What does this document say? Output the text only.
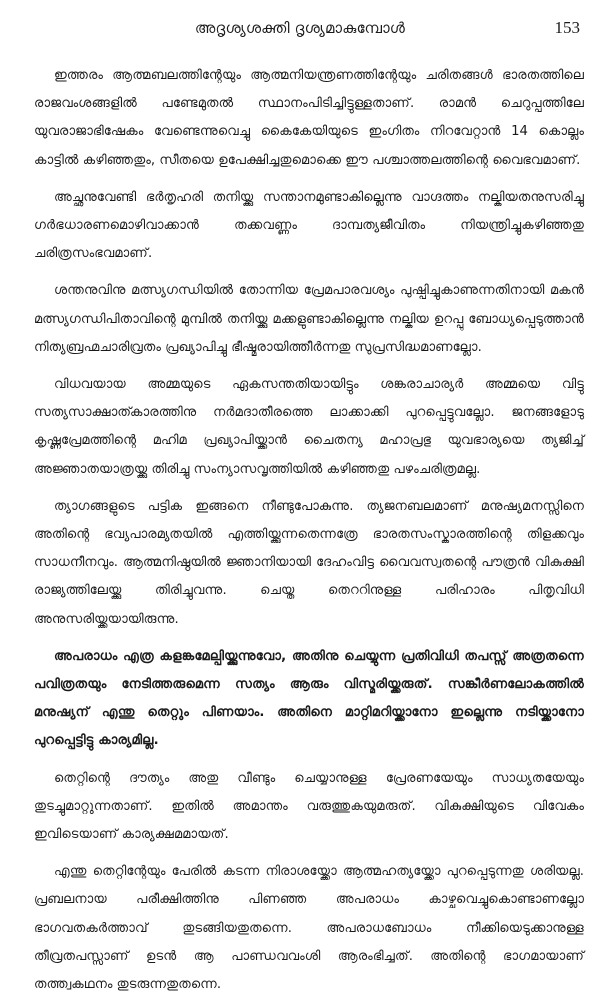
അദൃശ്യശക്തി ദൃശ്യമാകുമ്പോൾ	153

ഇത്തരം ആത്മബലത്തിന്റേയും ആത്മനിയന്ത്രണത്തിന്റേയും ചരിതങ്ങൾ ഭാരതത്തിലെ രാജവംശങ്ങളിൽ പണ്ടേമുതൽ സ്ഥാനംപിടിച്ചിട്ടുള്ളതാണ്. രാമൻ ചെറുപ്പത്തിലേ യുവരാജാഭിഷേകം വേണ്ടെന്നുവെച്ചു കൈകേയിയുടെ ഇംഗിതം നിറവേറ്റാൻ 14 കൊല്ലം കാട്ടിൽ കഴിഞ്ഞതും, സീതയെ ഉപേക്ഷിച്ചതുമൊക്കെ ഈ പശ്ചാത്തലത്തിന്റെ വൈഭവമാണ്.

അച്ഛനുവേണ്ടി ഭർതൃഹരി തനിയ്ക്കു സന്താനമുണ്ടാകില്ലെന്നു വാഗ്ദത്തം നല്കിയതനുസരിച്ചു ഗർഭധാരണമൊഴിവാക്കാൻ തക്കവണ്ണം ദാമ്പത്യജീവിതം നിയന്ത്രിച്ചുകഴിഞ്ഞതു ചരിത്രസംഭവമാണ്.

ശന്തനുവിനു മത്സ്യഗന്ധിയിൽ തോന്നിയ പ്രേമപാരവശ്യം പുഷ്പിച്ചുകാണുന്നതിനായി മകൻ മത്സ്യഗന്ധിപിതാവിന്റെ മുമ്പിൽ തനിയ്ക്കു മക്കളുണ്ടാകില്ലെന്നു നല്കിയ ഉറപ്പു ബോധ്യപ്പെടുത്താൻ നിത്യബ്രഹ്മചാരിവ്രതം പ്രഖ്യാപിച്ചു ഭീഷ്മരായിത്തീർന്നതു സുപ്രസിദ്ധമാണല്ലോ.

വിധവയായ അമ്മയുടെ ഏകസന്തതിയായിട്ടും ശങ്കരാചാര്യർ അമ്മയെ വിട്ടു സത്യസാക്ഷാത്കാരത്തിനു നർമദാതീരത്തെ ലാക്കാക്കി പുറപ്പെട്ടുവല്ലോ. ജനങ്ങളോടു കൃഷ്ണപ്രേമത്തിന്റെ മഹിമ പ്രഖ്യാപിയ്ക്കാൻ ചൈതന്യ മഹാപ്രഭു യുവഭാര്യയെ ത്യജിച്ച് അജ്ഞാതയാത്രയ്ക്കു തിരിച്ചു സംന്യാസവൃത്തിയിൽ കഴിഞ്ഞതു പഴംചരിത്രമല്ല.

ത്യാഗങ്ങളുടെ പട്ടിക ഇങ്ങനെ നീണ്ടുപോകുന്നു. ത്യജനബലമാണ് മനുഷ്യമനസ്സിനെ അതിന്റെ ഭവ്യപാരമ്യതയിൽ എത്തിയ്ക്കുന്നതെന്നത്രേ ഭാരതസംസ്കാരത്തിന്റെ തിളക്കവും സാധനീനവും. ആത്മനിഷ്ഠയിൽ ജ്ഞാനിയായി ദേഹംവിട്ട വൈവസ്വതന്റെ പൗത്രൻ വികുക്ഷി രാജ്യത്തിലേയ്ക്കു തിരിച്ചുവന്നു. ചെയ്ത തെററിനുള്ള പരിഹാരം പിതൃവിധി അനുസരിയ്ക്കയായിരുന്നു.

അപരാധം എത്ര കളങ്കമേല്പിയ്ക്കുന്നുവോ, അതിനു ചെയ്യുന്ന പ്രതിവിധി തപസ്സ് അത്രതന്നെ പവിത്രതയും നേടിത്തരുമെന്ന സത്യം ആരും വിസ്മരിയ്ക്കരുത്. സങ്കീർണലോകത്തിൽ മനുഷ്യന് എന്തു തെറ്റും പിണയാം. അതിനെ മാറ്റിമറിയ്ക്കാനോ ഇല്ലെന്നു നടിയ്ക്കാനോ പുറപ്പെട്ടിട്ടു കാര്യമില്ല.

തെറ്റിന്റെ ദൗത്യം അതു വീണ്ടും ചെയ്യാനുള്ള പ്രേരണയേയും സാധ്യതയേയും തുടച്ചുമാറ്റുന്നതാണ്. ഇതിൽ അമാന്തം വരുത്തുകയുമരുത്. വികുക്ഷിയുടെ വിവേകം ഇവിടെയാണ് കാര്യക്ഷമമായത്.

എന്തു തെറ്റിന്റേയും പേരിൽ കടന്ന നിരാശയ്ക്കോ ആത്മഹത്യയ്ക്കോ പുറപ്പെടുന്നതു ശരിയല്ല. പ്രബലനായ പരീക്ഷിത്തിനു പിണഞ്ഞ അപരാധം കാഴ്ചവെച്ചുകൊണ്ടാണല്ലോ ഭാഗവതകർത്താവ് തുടങ്ങിയതുതന്നെ. അപരാധബോധം നീക്കിയെടുക്കാനുള്ള തീവ്രതപസ്സാണ് ഉടൻ ആ പാണ്ഡവവംശി ആരംഭിച്ചത്. അതിന്റെ ഭാഗമായാണ് തത്ത്വകഥനം തുടരുന്നതുതന്നെ.
